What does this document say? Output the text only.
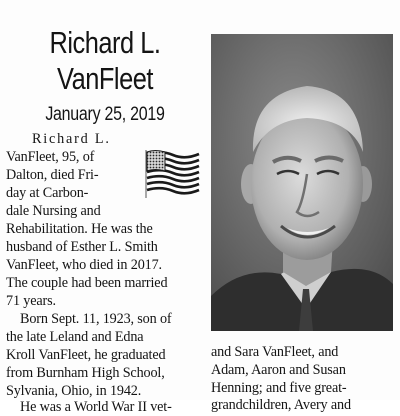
Richard L.
VanFleet
January 25, 2019
Richard L.
VanFleet, 95, of
Dalton, died Fri-
day at Carbon-
dale Nursing and
Rehabilitation. He was the
husband of Esther L. Smith
VanFleet, who died in 2017.
The couple had been married
71 years.
Born Sept. 11, 1923, son of
the late Leland and Edna
Kroll VanFleet, he graduated
from Burnham High School,
Sylvania, Ohio, in 1942.
He was a World War II vet-
and Sara VanFleet, and
Adam, Aaron and Susan
Henning; and five great-
grandchildren, Avery and
